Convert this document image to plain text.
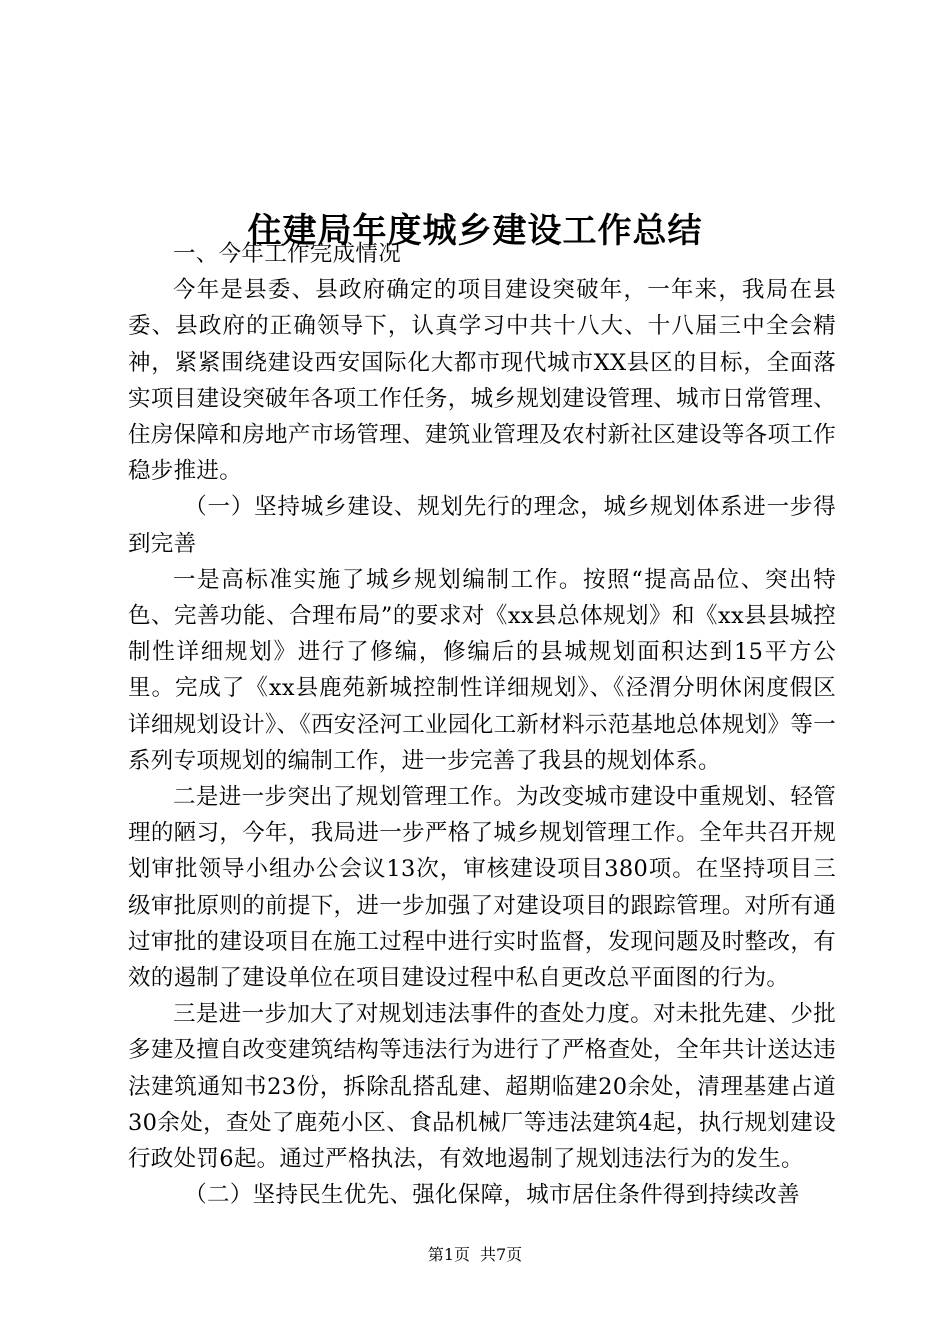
住建局年度城乡建设工作总结

一、今年工作完成情况

今年是县委、县政府确定的项目建设突破年，一年来，我局在县委、县政府的正确领导下，认真学习中共十八大、十八届三中全会精神，紧紧围绕建设西安国际化大都市现代城市XX县区的目标，全面落实项目建设突破年各项工作任务，城乡规划建设管理、城市日常管理、住房保障和房地产市场管理、建筑业管理及农村新社区建设等各项工作稳步推进。

（一）坚持城乡建设、规划先行的理念，城乡规划体系进一步得到完善

一是高标准实施了城乡规划编制工作。按照“提高品位、突出特色、完善功能、合理布局”的要求对《xx县总体规划》和《xx县县城控制性详细规划》进行了修编，修编后的县城规划面积达到15平方公里。完成了《xx县鹿苑新城控制性详细规划》、《泾渭分明休闲度假区详细规划设计》、《西安泾河工业园化工新材料示范基地总体规划》等一系列专项规划的编制工作，进一步完善了我县的规划体系。

二是进一步突出了规划管理工作。为改变城市建设中重规划、轻管理的陋习，今年，我局进一步严格了城乡规划管理工作。全年共召开规划审批领导小组办公会议13次，审核建设项目380项。在坚持项目三级审批原则的前提下，进一步加强了对建设项目的跟踪管理。对所有通过审批的建设项目在施工过程中进行实时监督，发现问题及时整改，有效的遏制了建设单位在项目建设过程中私自更改总平面图的行为。

三是进一步加大了对规划违法事件的查处力度。对未批先建、少批多建及擅自改变建筑结构等违法行为进行了严格查处，全年共计送达违法建筑通知书23份，拆除乱搭乱建、超期临建20余处，清理基建占道30余处，查处了鹿苑小区、食品机械厂等违法建筑4起，执行规划建设行政处罚6起。通过严格执法，有效地遏制了规划违法行为的发生。

（二）坚持民生优先、强化保障，城市居住条件得到持续改善

第1页 共7页
